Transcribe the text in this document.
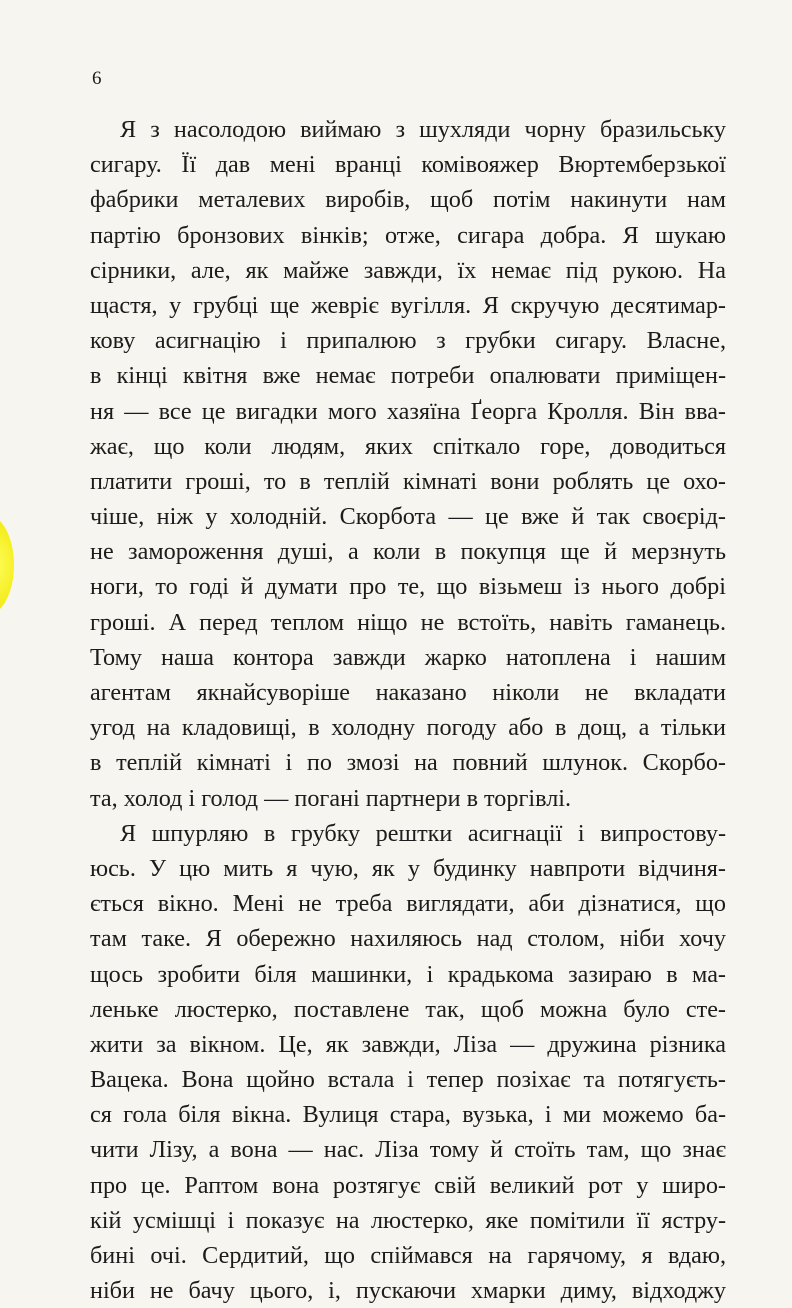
6
Я з насолодою виймаю з шухляди чорну бразильську
сигару. Її дав мені вранці комівояжер Вюртемберзької
фабрики металевих виробів, щоб потім накинути нам
партію бронзових вінків; отже, сигара добра. Я шукаю
сірники, але, як майже завжди, їх немає під рукою. На
щастя, у грубці ще жевріє вугілля. Я скручую десятимар-
кову асигнацію і припалюю з грубки сигару. Власне,
в кінці квітня вже немає потреби опалювати приміщен-
ня — все це вигадки мого хазяїна Ґеорга Кролля. Він вва-
жає, що коли людям, яких спіткало горе, доводиться
платити гроші, то в теплій кімнаті вони роблять це охо-
чіше, ніж у холодній. Скорбота — це вже й так своєрід-
не замороження душі, а коли в покупця ще й мерзнуть
ноги, то годі й думати про те, що візьмеш із нього добрі
гроші. А перед теплом ніщо не встоїть, навіть гаманець.
Тому наша контора завжди жарко натоплена і нашим
агентам якнайсуворіше наказано ніколи не вкладати
угод на кладовищі, в холодну погоду або в дощ, а тільки
в теплій кімнаті і по змозі на повний шлунок. Скорбо-
та, холод і голод — погані партнери в торгівлі.
Я шпурляю в грубку рештки асигнації і випростову-
юсь. У цю мить я чую, як у будинку навпроти відчиня-
ється вікно. Мені не треба виглядати, аби дізнатися, що
там таке. Я обережно нахиляюсь над столом, ніби хочу
щось зробити біля машинки, і крадькома зазираю в ма-
леньке люстерко, поставлене так, щоб можна було сте-
жити за вікном. Це, як завжди, Ліза — дружина різника
Вацека. Вона щойно встала і тепер позіхає та потягуєть-
ся гола біля вікна. Вулиця стара, вузька, і ми можемо ба-
чити Лізу, а вона — нас. Ліза тому й стоїть там, що знає
про це. Раптом вона розтягує свій великий рот у широ-
кій усмішці і показує на люстерко, яке помітили її ястру-
бині очі. Сердитий, що спіймався на гарячому, я вдаю,
ніби не бачу цього, і, пускаючи хмарки диму, відходжу
